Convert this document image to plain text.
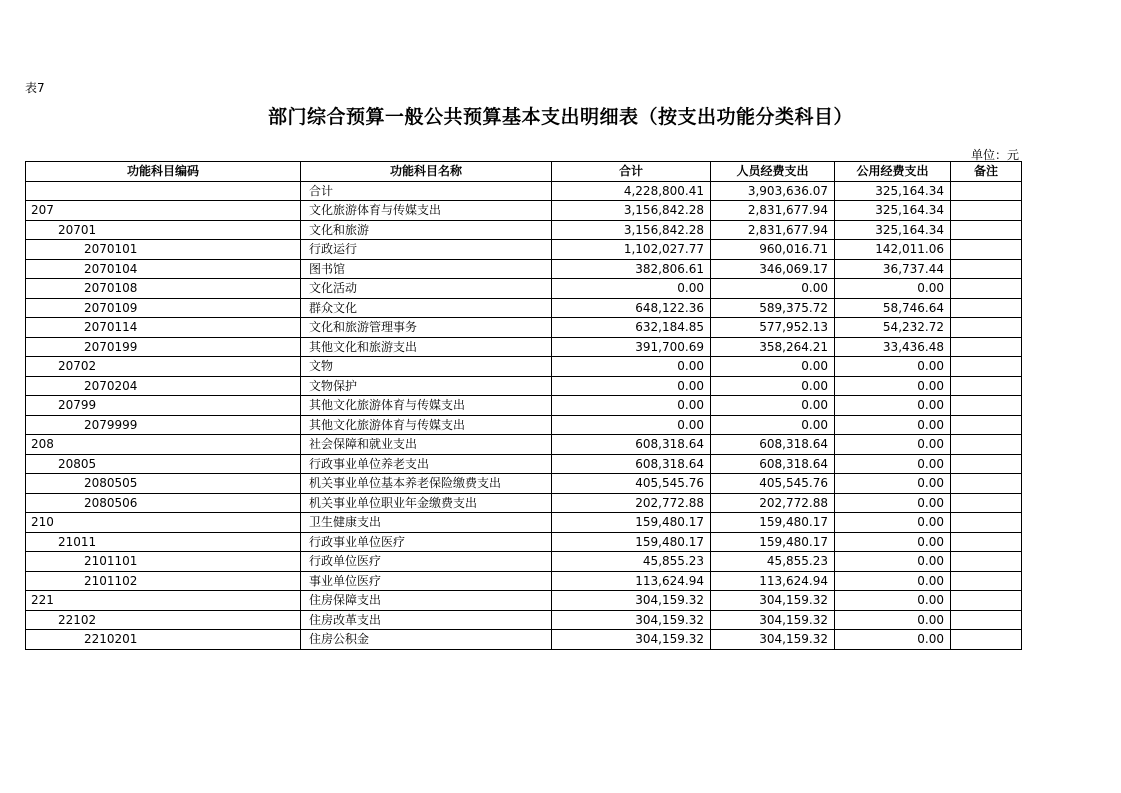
表7
部门综合预算一般公共预算基本支出明细表（按支出功能分类科目）
单位：元
功能科目编码	功能科目名称	合计	人员经费支出	公用经费支出	备注
	合计	4,228,800.41	3,903,636.07	325,164.34	
207	文化旅游体育与传媒支出	3,156,842.28	2,831,677.94	325,164.34	
20701	文化和旅游	3,156,842.28	2,831,677.94	325,164.34	
2070101	行政运行	1,102,027.77	960,016.71	142,011.06	
2070104	图书馆	382,806.61	346,069.17	36,737.44	
2070108	文化活动	0.00	0.00	0.00	
2070109	群众文化	648,122.36	589,375.72	58,746.64	
2070114	文化和旅游管理事务	632,184.85	577,952.13	54,232.72	
2070199	其他文化和旅游支出	391,700.69	358,264.21	33,436.48	
20702	文物	0.00	0.00	0.00	
2070204	文物保护	0.00	0.00	0.00	
20799	其他文化旅游体育与传媒支出	0.00	0.00	0.00	
2079999	其他文化旅游体育与传媒支出	0.00	0.00	0.00	
208	社会保障和就业支出	608,318.64	608,318.64	0.00	
20805	行政事业单位养老支出	608,318.64	608,318.64	0.00	
2080505	机关事业单位基本养老保险缴费支出	405,545.76	405,545.76	0.00	
2080506	机关事业单位职业年金缴费支出	202,772.88	202,772.88	0.00	
210	卫生健康支出	159,480.17	159,480.17	0.00	
21011	行政事业单位医疗	159,480.17	159,480.17	0.00	
2101101	行政单位医疗	45,855.23	45,855.23	0.00	
2101102	事业单位医疗	113,624.94	113,624.94	0.00	
221	住房保障支出	304,159.32	304,159.32	0.00	
22102	住房改革支出	304,159.32	304,159.32	0.00	
2210201	住房公积金	304,159.32	304,159.32	0.00	
